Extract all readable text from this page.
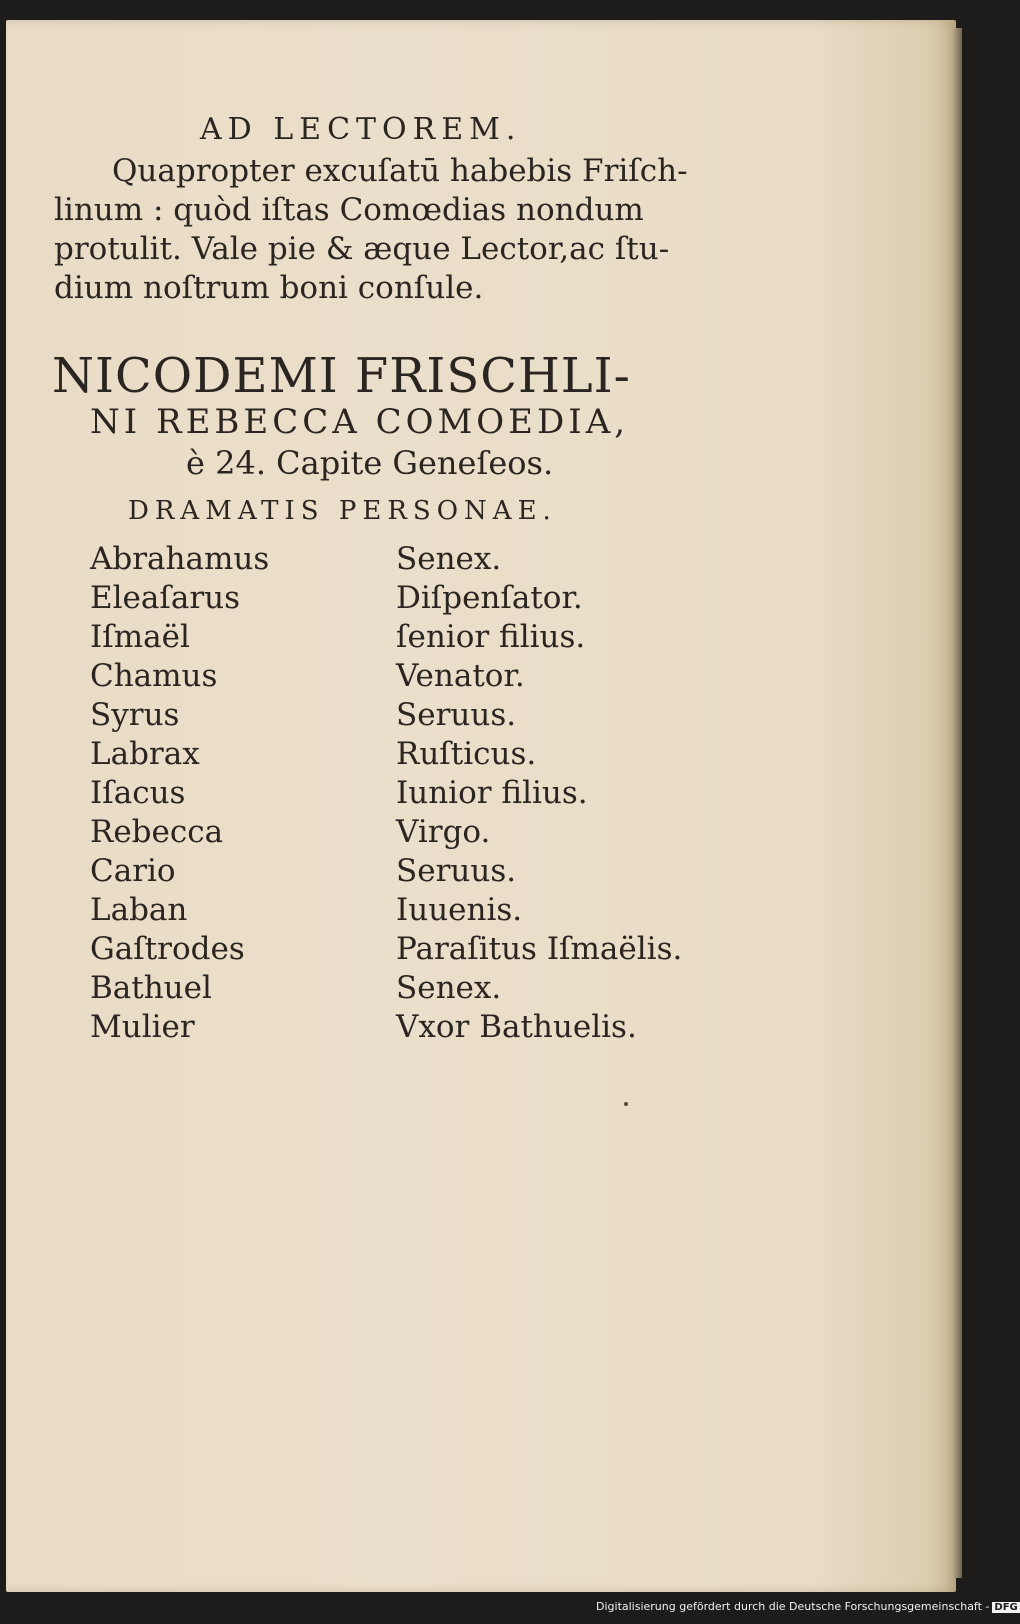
AD LECTOREM.
Quapropter excuſatū habebis Friſch-
linum : quòd iſtas Comœdias nondum
protulit. Vale pie & æque Lector,ac ſtu-
dium noſtrum boni conſule.
NICODEMI FRISCHLI-
NI REBECCA COMOEDIA,
è 24. Capite Geneſeos.
DRAMATIS PERSONAE.
Abrahamus	Senex.
Eleaſarus	Diſpenſator.
Iſmaël	ſenior filius.
Chamus	Venator.
Syrus	Seruus.
Labrax	Ruſticus.
Iſacus	Iunior filius.
Rebecca	Virgo.
Cario	Seruus.
Laban	Iuuenis.
Gaſtrodes	Paraſitus Iſmaëlis.
Bathuel	Senex.
Mulier	Vxor Bathuelis.
Digitalisierung gefördert durch die Deutsche Forschungsgemeinschaft - DFG
